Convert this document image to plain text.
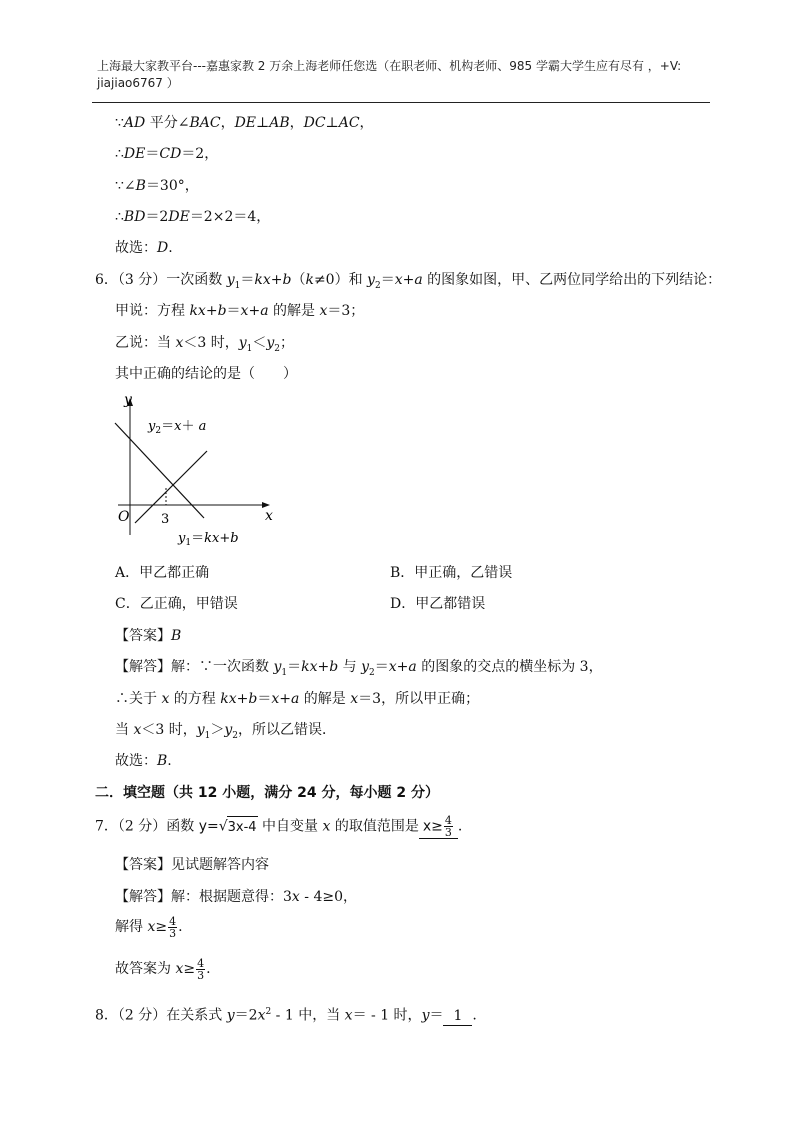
上海最大家教平台---嘉惠家教 2 万余上海老师任您选（在职老师、机构老师、985 学霸大学生应有尽有 ，+V: jiajiao6767 ）
∵AD 平分∠BAC，DE⊥AB，DC⊥AC，
∴DE＝CD＝2，
∵∠B＝30°，
∴BD＝2DE＝2×2＝4，
故选：D.
6．（3 分）一次函数 $y_1=kx+b(k\ne 0)$和 $y_2=x+a$ 的图象如图，甲、乙两位同学给出的下列结论：
甲说：方程 kx+b＝x+a 的解是 x＝3；
乙说：当 x＜3 时，$y_1<y_2$；
其中正确的结论的是（　　）
y
x
O 3
$y_2=x+ a$
$y_1=kx+b$
A．甲乙都正确	B．甲正确，乙错误
C．乙正确，甲错误	D．甲乙都错误
【答案】B
【解答】解：∵一次函数 $y_1=kx+b$ 与 $y_2=x+a$ 的图象的交点的横坐标为 3，
∴关于 x 的方程 kx+b＝x+a 的解是 x＝3，所以甲正确；
当 x＜3 时，$y_1>y_2$，所以乙错误．
故选：B.
二．填空题（共 12 小题，满分 24 分，每小题 2 分）
7．（2 分）函数 y=√3x-4 中自变量 x 的取值范围是 $x\ge \frac{4}{3}$ .
【答案】见试题解答内容
【解答】解：根据题意得：3x - 4≥0，
解得 $x\ge \frac{4}{3}$ .
故答案为 $x\ge \frac{4}{3}$ .
8．（2 分）在关系式 $y=2x^2 - 1$ 中，当 x＝ - 1 时，y＝ 1 .
